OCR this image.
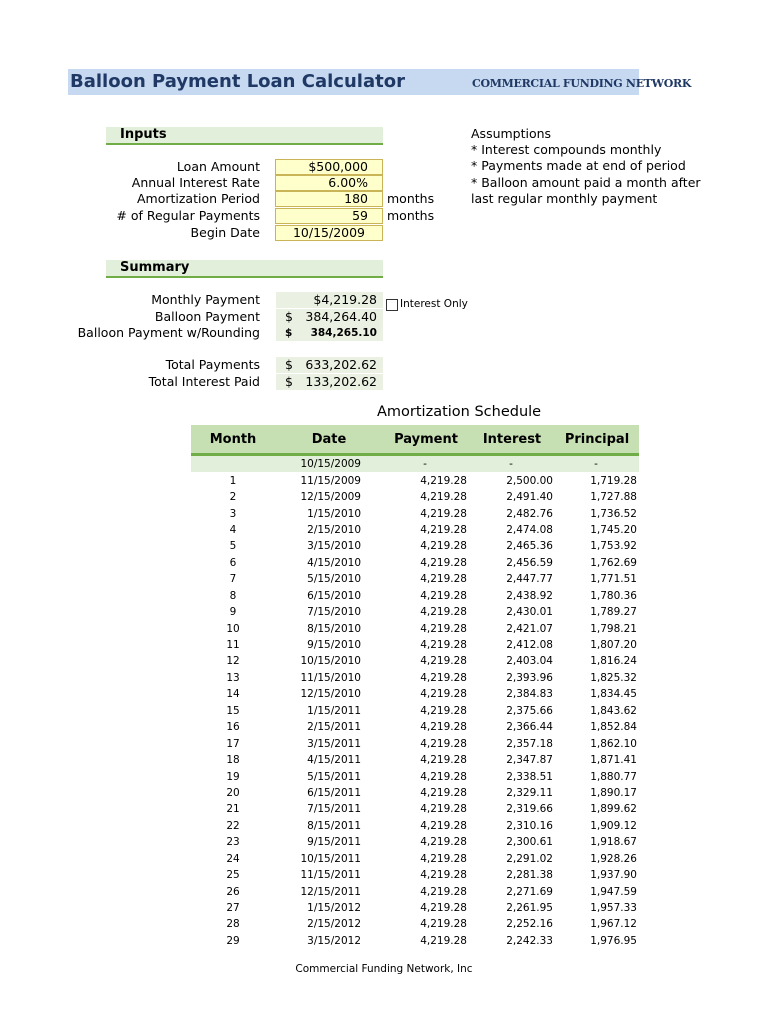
Balloon Payment Loan Calculator	COMMERCIAL FUNDING NETWORK
Inputs
Loan Amount	$500,000
Annual Interest Rate	6.00%
Amortization Period	180	months
# of Regular Payments	59	months
Begin Date	10/15/2009
Assumptions
* Interest compounds monthly
* Payments made at end of period
* Balloon amount paid a month after
last regular monthly payment
Summary
Monthly Payment	$4,219.28 Interest Only
Balloon Payment $ 384,264.40
Balloon Payment w/Rounding $ 384,265.10
Total Payments $ 633,202.62
Total Interest Paid $ 133,202.62
Amortization Schedule
Month	Date	Payment	Interest	Principal
	10/15/2009	-	-	-
1	11/15/2009	4,219.28	2,500.00	1,719.28
2	12/15/2009	4,219.28	2,491.40	1,727.88
3	1/15/2010	4,219.28	2,482.76	1,736.52
4	2/15/2010	4,219.28	2,474.08	1,745.20
5	3/15/2010	4,219.28	2,465.36	1,753.92
6	4/15/2010	4,219.28	2,456.59	1,762.69
7	5/15/2010	4,219.28	2,447.77	1,771.51
8	6/15/2010	4,219.28	2,438.92	1,780.36
9	7/15/2010	4,219.28	2,430.01	1,789.27
10	8/15/2010	4,219.28	2,421.07	1,798.21
11	9/15/2010	4,219.28	2,412.08	1,807.20
12	10/15/2010	4,219.28	2,403.04	1,816.24
13	11/15/2010	4,219.28	2,393.96	1,825.32
14	12/15/2010	4,219.28	2,384.83	1,834.45
15	1/15/2011	4,219.28	2,375.66	1,843.62
16	2/15/2011	4,219.28	2,366.44	1,852.84
17	3/15/2011	4,219.28	2,357.18	1,862.10
18	4/15/2011	4,219.28	2,347.87	1,871.41
19	5/15/2011	4,219.28	2,338.51	1,880.77
20	6/15/2011	4,219.28	2,329.11	1,890.17
21	7/15/2011	4,219.28	2,319.66	1,899.62
22	8/15/2011	4,219.28	2,310.16	1,909.12
23	9/15/2011	4,219.28	2,300.61	1,918.67
24	10/15/2011	4,219.28	2,291.02	1,928.26
25	11/15/2011	4,219.28	2,281.38	1,937.90
26	12/15/2011	4,219.28	2,271.69	1,947.59
27	1/15/2012	4,219.28	2,261.95	1,957.33
28	2/15/2012	4,219.28	2,252.16	1,967.12
29	3/15/2012	4,219.28	2,242.33	1,976.95
Commercial Funding Network, Inc
